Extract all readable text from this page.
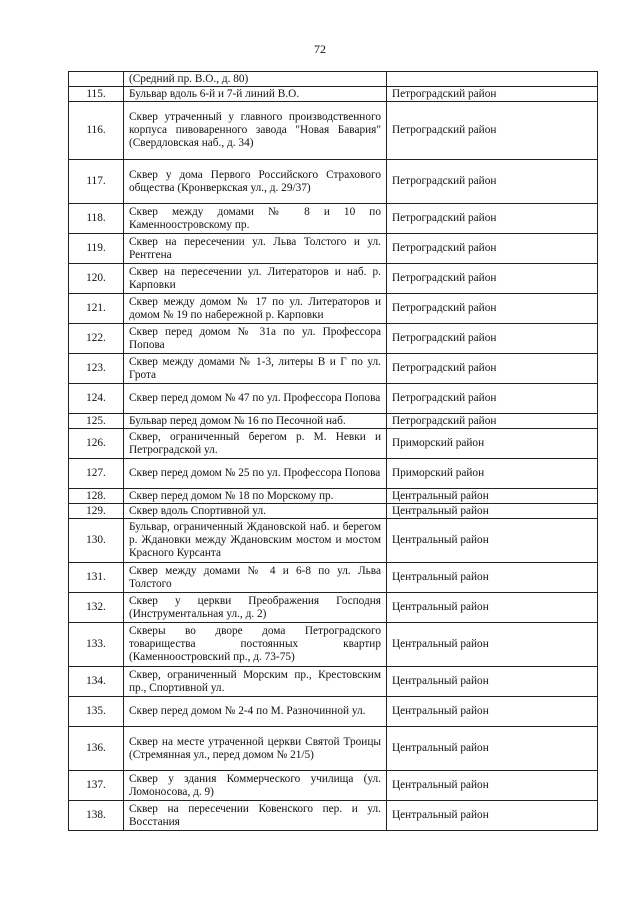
72
	(Средний пр. В.О., д. 80)	
115.	Бульвар вдоль 6-й и 7-й линий В.О.	Петроградский район
116.	Сквер утраченный у главного производственного корпуса пивоваренного завода "Новая Бавария" (Свердловская наб., д. 34)	Петроградский район
117.	Сквер у дома Первого Российского Страхового общества (Кронверкская ул., д. 29/37)	Петроградский район
118.	Сквер между домами № 8 и 10 по Каменноостровскому пр.	Петроградский район
119.	Сквер на пересечении ул. Льва Толстого и ул. Рентгена	Петроградский район
120.	Сквер на пересечении ул. Литераторов и наб. р. Карповки	Петроградский район
121.	Сквер между домом № 17 по ул. Литераторов и домом № 19 по набережной р. Карповки	Петроградский район
122.	Сквер перед домом № 31а по ул. Профессора Попова	Петроградский район
123.	Сквер между домами № 1-3, литеры В и Г по ул. Грота	Петроградский район
124.	Сквер перед домом № 47 по ул. Профессора Попова	Петроградский район
125.	Бульвар перед домом № 16 по Песочной наб.	Петроградский район
126.	Сквер, ограниченный берегом р. М. Невки и Петроградской ул.	Приморский район
127.	Сквер перед домом № 25 по ул. Профессора Попова	Приморский район
128.	Сквер перед домом № 18 по Морскому пр.	Центральный район
129.	Сквер вдоль Спортивной ул.	Центральный район
130.	Бульвар, ограниченный Ждановской наб. и берегом р. Ждановки между Ждановским мостом и мостом Красного Курсанта	Центральный район
131.	Сквер между домами № 4 и 6-8 по ул. Льва Толстого	Центральный район
132.	Сквер у церкви Преображения Господня (Инструментальная ул., д. 2)	Центральный район
133.	Скверы во дворе дома Петроградского товарищества постоянных квартир (Каменноостровский пр., д. 73-75)	Центральный район
134.	Сквер, ограниченный Морским пр., Крестовским пр., Спортивной ул.	Центральный район
135.	Сквер перед домом № 2-4 по М. Разночинной ул.	Центральный район
136.	Сквер на месте утраченной церкви Святой Троицы (Стремянная ул., перед домом № 21/5)	Центральный район
137.	Сквер у здания Коммерческого училища (ул. Ломоносова, д. 9)	Центральный район
138.	Сквер на пересечении Ковенского пер. и ул. Восстания	Центральный район
